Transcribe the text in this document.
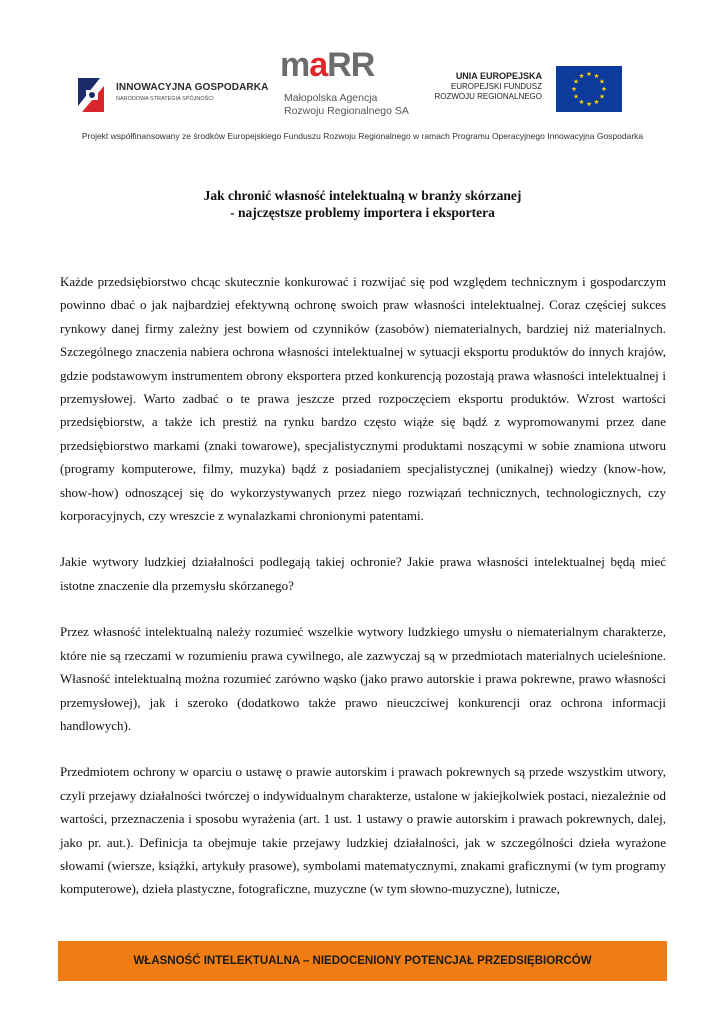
INNOWACYJNA GOSPODARKA
NARODOWA STRATEGIA SPÓJNOŚCI
maRR
Małopolska Agencja
Rozwoju Regionalnego SA
UNIA EUROPEJSKA
EUROPEJSKI FUNDUSZ
ROZWOJU REGIONALNEGO
Projekt współfinansowany ze środków Europejskiego Funduszu Rozwoju Regionalnego w ramach Programu Operacyjnego Innowacyjna Gospodarka
Jak chronić własność intelektualną w branży skórzanej
- najczęstsze problemy importera i eksportera

Każde przedsiębiorstwo chcąc skutecznie konkurować i rozwijać się pod względem technicznym i gospodarczym powinno dbać o jak najbardziej efektywną ochronę swoich praw własności intelektualnej. Coraz częściej sukces rynkowy danej firmy zależny jest bowiem od czynników (zasobów) niematerialnych, bardziej niż materialnych. Szczególnego znaczenia nabiera ochrona własności intelektualnej w sytuacji eksportu produktów do innych krajów, gdzie podstawowym instrumentem obrony eksportera przed konkurencją pozostają prawa własności intelektualnej i przemysłowej. Warto zadbać o te prawa jeszcze przed rozpoczęciem eksportu produktów. Wzrost wartości przedsiębiorstw, a także ich prestiż na rynku bardzo często wiąże się bądź z wypromowanymi przez dane przedsiębiorstwo markami (znaki towarowe), specjalistycznymi produktami noszącymi w sobie znamiona utworu (programy komputerowe, filmy, muzyka) bądź z posiadaniem specjalistycznej (unikalnej) wiedzy (know-how, show-how) odnoszącej się do wykorzystywanych przez niego rozwiązań technicznych, technologicznych, czy korporacyjnych, czy wreszcie z wynalazkami chronionymi patentami.

Jakie wytwory ludzkiej działalności podlegają takiej ochronie? Jakie prawa własności intelektualnej będą mieć istotne znaczenie dla przemysłu skórzanego?

Przez własność intelektualną należy rozumieć wszelkie wytwory ludzkiego umysłu o niematerialnym charakterze, które nie są rzeczami w rozumieniu prawa cywilnego, ale zazwyczaj są w przedmiotach materialnych ucieleśnione. Własność intelektualną można rozumieć zarówno wąsko (jako prawo autorskie i prawa pokrewne, prawo własności przemysłowej), jak i szeroko (dodatkowo także prawo nieuczciwej konkurencji oraz ochrona informacji handlowych).

Przedmiotem ochrony w oparciu o ustawę o prawie autorskim i prawach pokrewnych są przede wszystkim utwory, czyli przejawy działalności twórczej o indywidualnym charakterze, ustalone w jakiejkolwiek postaci, niezależnie od wartości, przeznaczenia i sposobu wyrażenia (art. 1 ust. 1 ustawy o prawie autorskim i prawach pokrewnych, dalej, jako pr. aut.). Definicja ta obejmuje takie przejawy ludzkiej działalności, jak w szczególności dzieła wyrażone słowami (wiersze, książki, artykuły prasowe), symbolami matematycznymi, znakami graficznymi (w tym programy komputerowe), dzieła plastyczne, fotograficzne, muzyczne (w tym słowno-muzyczne), lutnicze,

WŁASNOŚĆ INTELEKTUALNA – NIEDOCENIONY POTENCJAŁ PRZEDSIĘBIORCÓW
